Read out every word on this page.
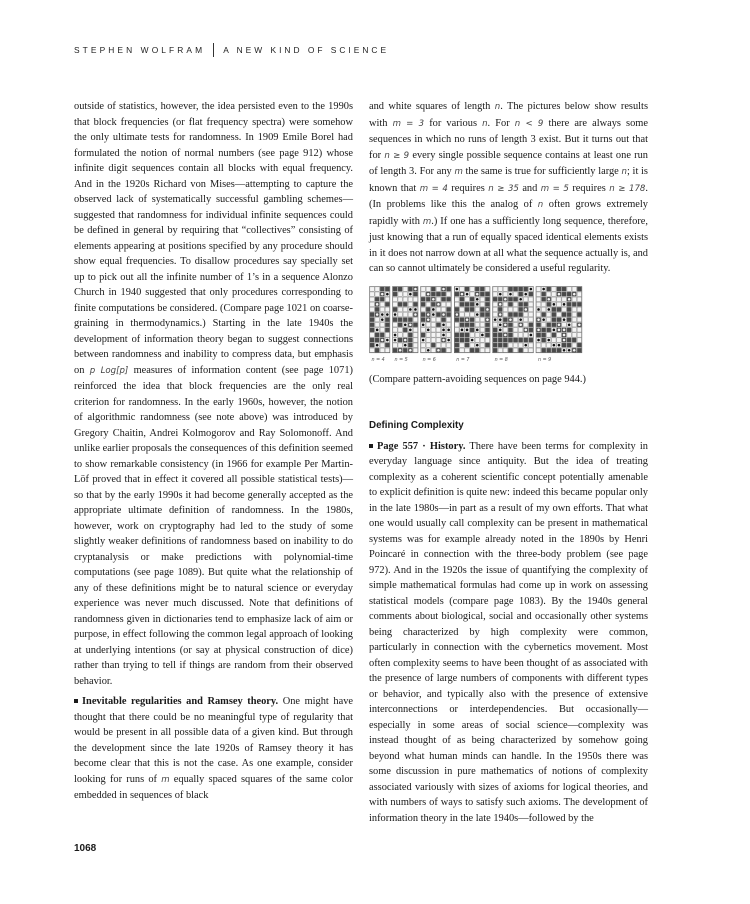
STEPHEN WOLFRAM A NEW KIND OF SCIENCE

outside of statistics, however, the idea persisted even to the 1990s that block frequencies (or flat frequency spectra) were somehow the only ultimate tests for randomness. In 1909 Emile Borel had formulated the notion of normal numbers (see page 912) whose infinite digit sequences contain all blocks with equal frequency. And in the 1920s Richard von Mises—attempting to capture the observed lack of systematically successful gambling schemes—suggested that randomness for individual infinite sequences could be defined in general by requiring that “collectives” consisting of elements appearing at positions specified by any procedure should show equal frequencies. To disallow procedures say specially set up to pick out all the infinite number of 1’s in a sequence Alonzo Church in 1940 suggested that only procedures corresponding to finite computations be considered. (Compare page 1021 on coarse-graining in thermodynamics.) Starting in the late 1940s the development of information theory began to suggest connections between randomness and inability to compress data, but emphasis on p Log[p] measures of information content (see page 1071) reinforced the idea that block frequencies are the only real criterion for randomness. In the early 1960s, however, the notion of algorithmic randomness (see note above) was introduced by Gregory Chaitin, Andrei Kolmogorov and Ray Solomonoff. And unlike earlier proposals the consequences of this definition seemed to show remarkable consistency (in 1966 for example Per Martin-Löf proved that in effect it covered all possible statistical tests)—so that by the early 1990s it had become generally accepted as the appropriate ultimate definition of randomness. In the 1980s, however, work on cryptography had led to the study of some slightly weaker definitions of randomness based on inability to do cryptanalysis or make predictions with polynomial-time computations (see page 1089). But quite what the relationship of any of these definitions might be to natural science or everyday experience was never much discussed. Note that definitions of randomness given in dictionaries tend to emphasize lack of aim or purpose, in effect following the common legal approach of looking at underlying intentions (or say at physical construction of dice) rather than trying to tell if things are random from their observed behavior.

Inevitable regularities and Ramsey theory. One might have thought that there could be no meaningful type of regularity that would be present in all possible data of a given kind. But through the development since the late 1920s of Ramsey theory it has become clear that this is not the case. As one example, consider looking for runs of m equally spaced squares of the same color embedded in sequences of black

and white squares of length n. The pictures below show results with m = 3 for various n. For n < 9 there are always some sequences in which no runs of length 3 exist. But it turns out that for n ≥ 9 every single possible sequence contains at least one run of length 3. For any m the same is true for sufficiently large n; it is known that m = 4 requires n ≥ 35 and m = 5 requires n ≥ 178. (In problems like this the analog of n often grows extremely rapidly with m.) If one has a sufficiently long sequence, therefore, just knowing that a run of equally spaced identical elements exists in it does not narrow down at all what the sequence actually is, and can so cannot ultimately be considered a useful regularity.

n = 4 n = 5	n = 6	n = 7	n = 8	n = 9

(Compare pattern-avoiding sequences on page 944.)

Defining Complexity

Page 557 · History. There have been terms for complexity in everyday language since antiquity. But the idea of treating complexity as a coherent scientific concept potentially amenable to explicit definition is quite new: indeed this became popular only in the late 1980s—in part as a result of my own efforts. That what one would usually call complexity can be present in mathematical systems was for example already noted in the 1890s by Henri Poincaré in connection with the three-body problem (see page 972). And in the 1920s the issue of quantifying the complexity of simple mathematical formulas had come up in work on assessing statistical models (compare page 1083). By the 1940s general comments about biological, social and occasionally other systems being characterized by high complexity were common, particularly in connection with the cybernetics movement. Most often complexity seems to have been thought of as associated with the presence of large numbers of components with different types or behavior, and typically also with the presence of extensive interconnections or interdependencies. But occasionally—especially in some areas of social science—complexity was instead thought of as being characterized by somehow going beyond what human minds can handle. In the 1950s there was some discussion in pure mathematics of notions of complexity associated variously with sizes of axioms for logical theories, and with numbers of ways to satisfy such axioms. The development of information theory in the late 1940s—followed by the

1068
